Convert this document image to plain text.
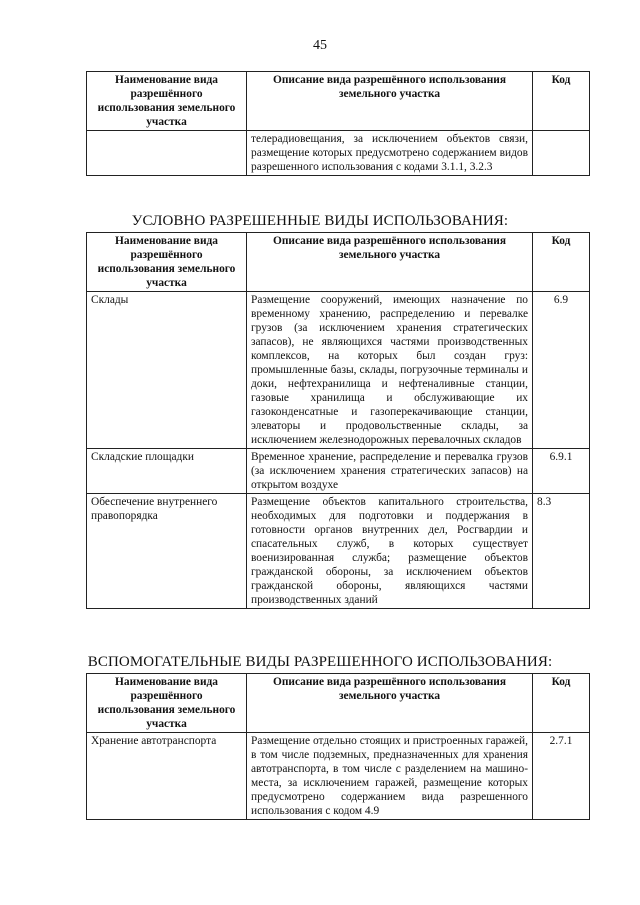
45
Наименование вида разрешённого использования земельного участка	Описание вида разрешённого использования земельного участка	Код
	телерадиовещания, за исключением объектов связи, размещение которых предусмотрено содержанием видов разрешенного использования с кодами 3.1.1, 3.2.3	
УСЛОВНО РАЗРЕШЕННЫЕ ВИДЫ ИСПОЛЬЗОВАНИЯ:
Наименование вида разрешённого использования земельного участка	Описание вида разрешённого использования земельного участка	Код
Склады	Размещение сооружений, имеющих назначение по временному хранению, распределению и перевалке грузов (за исключением хранения стратегических запасов), не являющихся частями производственных комплексов, на которых был создан груз: промышленные базы, склады, погрузочные терминалы и доки, нефтехранилища и нефтеналивные станции, газовые хранилища и обслуживающие их газоконденсатные и газоперекачивающие станции, элеваторы и продовольственные склады, за исключением железнодорожных перевалочных складов	6.9
Складские площадки	Временное хранение, распределение и перевалка грузов (за исключением хранения стратегических запасов) на открытом воздухе	6.9.1
Обеспечение внутреннего правопорядка	Размещение объектов капитального строительства, необходимых для подготовки и поддержания в готовности органов внутренних дел, Росгвардии и спасательных служб, в которых существует военизированная служба; размещение объектов гражданской обороны, за исключением объектов гражданской обороны, являющихся частями производственных зданий	8.3
ВСПОМОГАТЕЛЬНЫЕ ВИДЫ РАЗРЕШЕННОГО ИСПОЛЬЗОВАНИЯ:
Наименование вида разрешённого использования земельного участка	Описание вида разрешённого использования земельного участка	Код
Хранение автотранспорта	Размещение отдельно стоящих и пристроенных гаражей, в том числе подземных, предназначенных для хранения автотранспорта, в том числе с разделением на машино-места, за исключением гаражей, размещение которых предусмотрено содержанием вида разрешенного использования с кодом 4.9	2.7.1
